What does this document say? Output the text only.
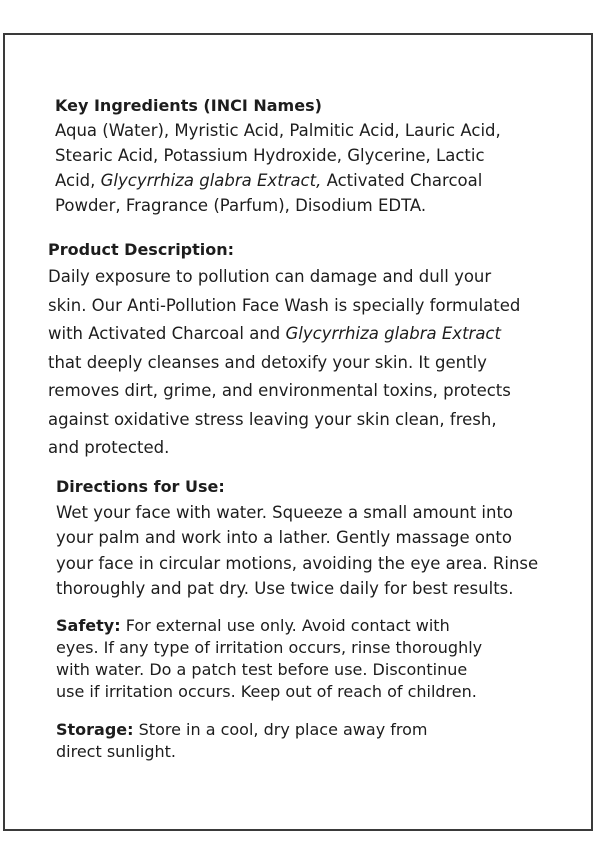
Key Ingredients (INCI Names)
Aqua (Water), Myristic Acid, Palmitic Acid, Lauric Acid,
Stearic Acid, Potassium Hydroxide, Glycerine, Lactic
Acid, Glycyrrhiza glabra Extract, Activated Charcoal
Powder, Fragrance (Parfum), Disodium EDTA.
Product Description:
Daily exposure to pollution can damage and dull your
skin. Our Anti-Pollution Face Wash is specially formulated
with Activated Charcoal and Glycyrrhiza glabra Extract
that deeply cleanses and detoxify your skin. It gently
removes dirt, grime, and environmental toxins, protects
against oxidative stress leaving your skin clean, fresh,
and protected.
Directions for Use:
Wet your face with water. Squeeze a small amount into
your palm and work into a lather. Gently massage onto
your face in circular motions, avoiding the eye area. Rinse
thoroughly and pat dry. Use twice daily for best results.
Safety: For external use only. Avoid contact with
eyes. If any type of irritation occurs, rinse thoroughly
with water. Do a patch test before use. Discontinue
use if irritation occurs. Keep out of reach of children.
Storage: Store in a cool, dry place away from
direct sunlight.
